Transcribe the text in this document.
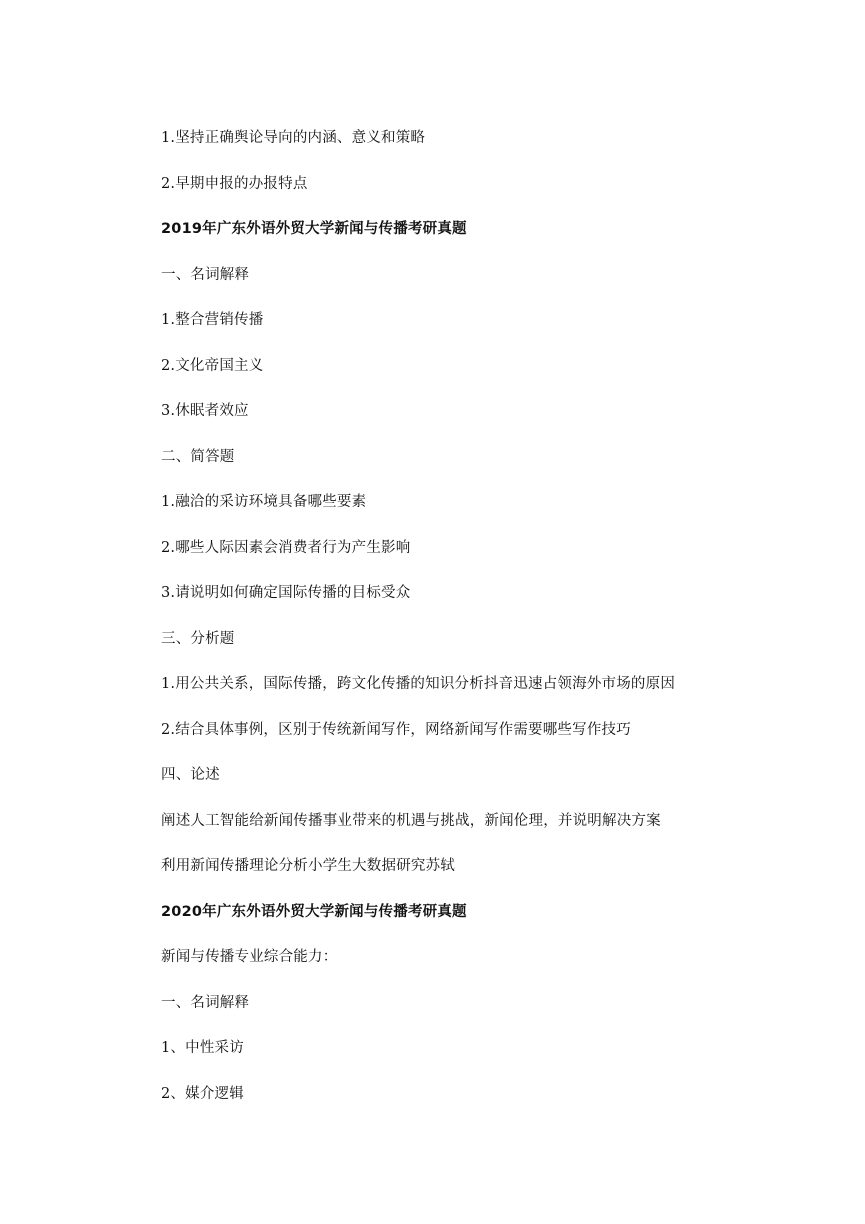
1.坚持正确舆论导向的内涵、意义和策略
2.早期申报的办报特点
2019年广东外语外贸大学新闻与传播考研真题
一、名词解释
1.整合营销传播
2.文化帝国主义
3.休眠者效应
二、简答题
1.融洽的采访环境具备哪些要素
2.哪些人际因素会消费者行为产生影响
3.请说明如何确定国际传播的目标受众
三、分析题
1.用公共关系，国际传播，跨文化传播的知识分析抖音迅速占领海外市场的原因
2.结合具体事例，区别于传统新闻写作，网络新闻写作需要哪些写作技巧
四、论述
阐述人工智能给新闻传播事业带来的机遇与挑战，新闻伦理，并说明解决方案
利用新闻传播理论分析小学生大数据研究苏轼
2020年广东外语外贸大学新闻与传播考研真题
新闻与传播专业综合能力：
一、名词解释
1、中性采访
2、媒介逻辑
